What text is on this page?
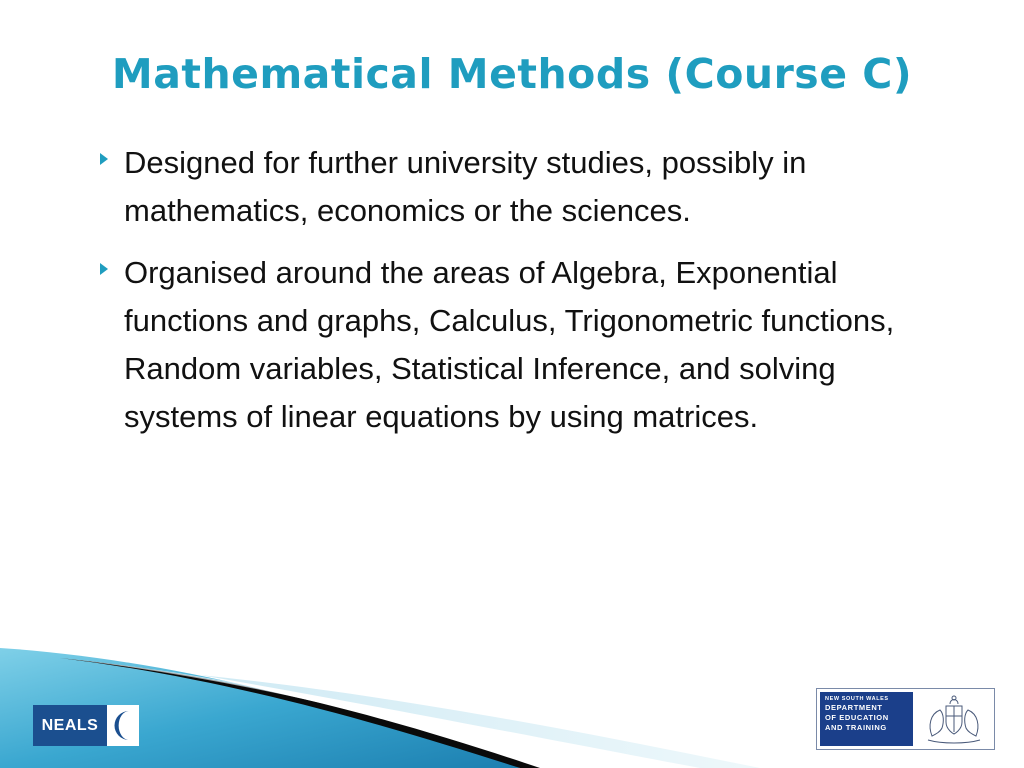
Mathematical Methods (Course C)
Designed for further university studies, possibly in mathematics, economics or the sciences.
Organised around the areas of Algebra, Exponential functions and graphs, Calculus, Trigonometric functions, Random variables, Statistical Inference, and solving systems of linear equations by using matrices.
NEALS
NEW SOUTH WALES
DEPARTMENT
OF EDUCATION
AND TRAINING
